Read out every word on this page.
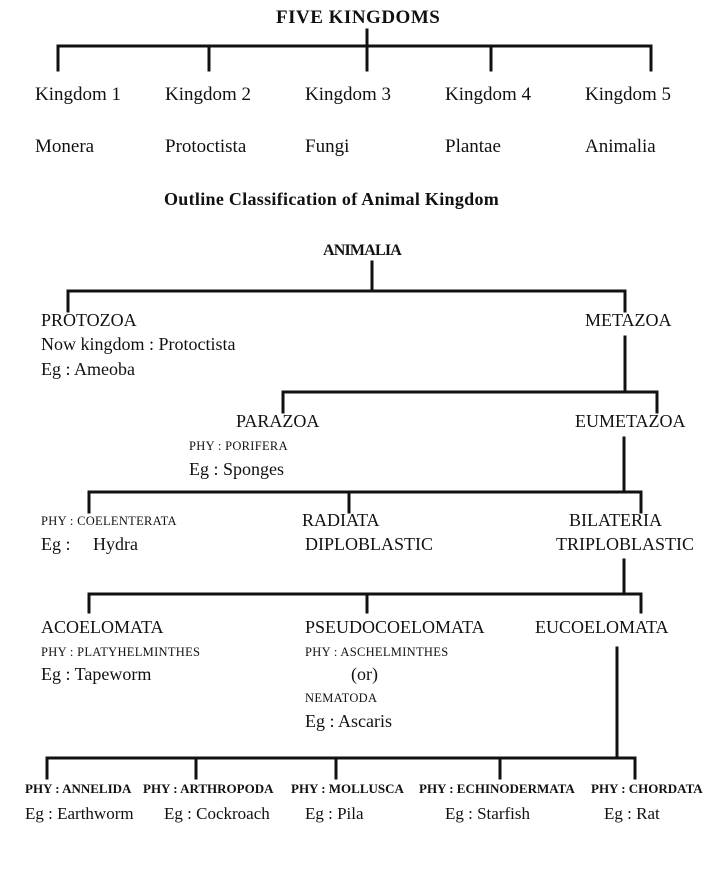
FIVE KINGDOMS
Kingdom 1 Kingdom 2	Kingdom 3	Kingdom 4	Kingdom 5
Monera	Protoctista	Fungi	Plantae	Animalia
Outline Classification of Animal Kingdom
ANIMALIA
PROTOZOA
Now kingdom : Protoctista
Eg : Ameoba
METAZOA
PARAZOA
PHY : PORIFERA
Eg : Sponges
EUMETAZOA
PHY : COELENTERATA
Eg :     Hydra
RADIATA
DIPLOBLASTIC
BILATERIA
TRIPLOBLASTIC
ACOELOMATA
PHY : PLATYHELMINTHES
Eg : Tapeworm
PSEUDOCOELOMATA
PHY : ASCHELMINTHES
(or)
NEMATODA
Eg : Ascaris
EUCOELOMATA
PHY : ANNELIDA PHY : ARTHROPODA PHY : MOLLUSCA PHY : ECHINODERMATA PHY : CHORDATA
Eg : Earthworm Eg : Cockroach Eg : Pila	Eg : Starfish	Eg : Rat
